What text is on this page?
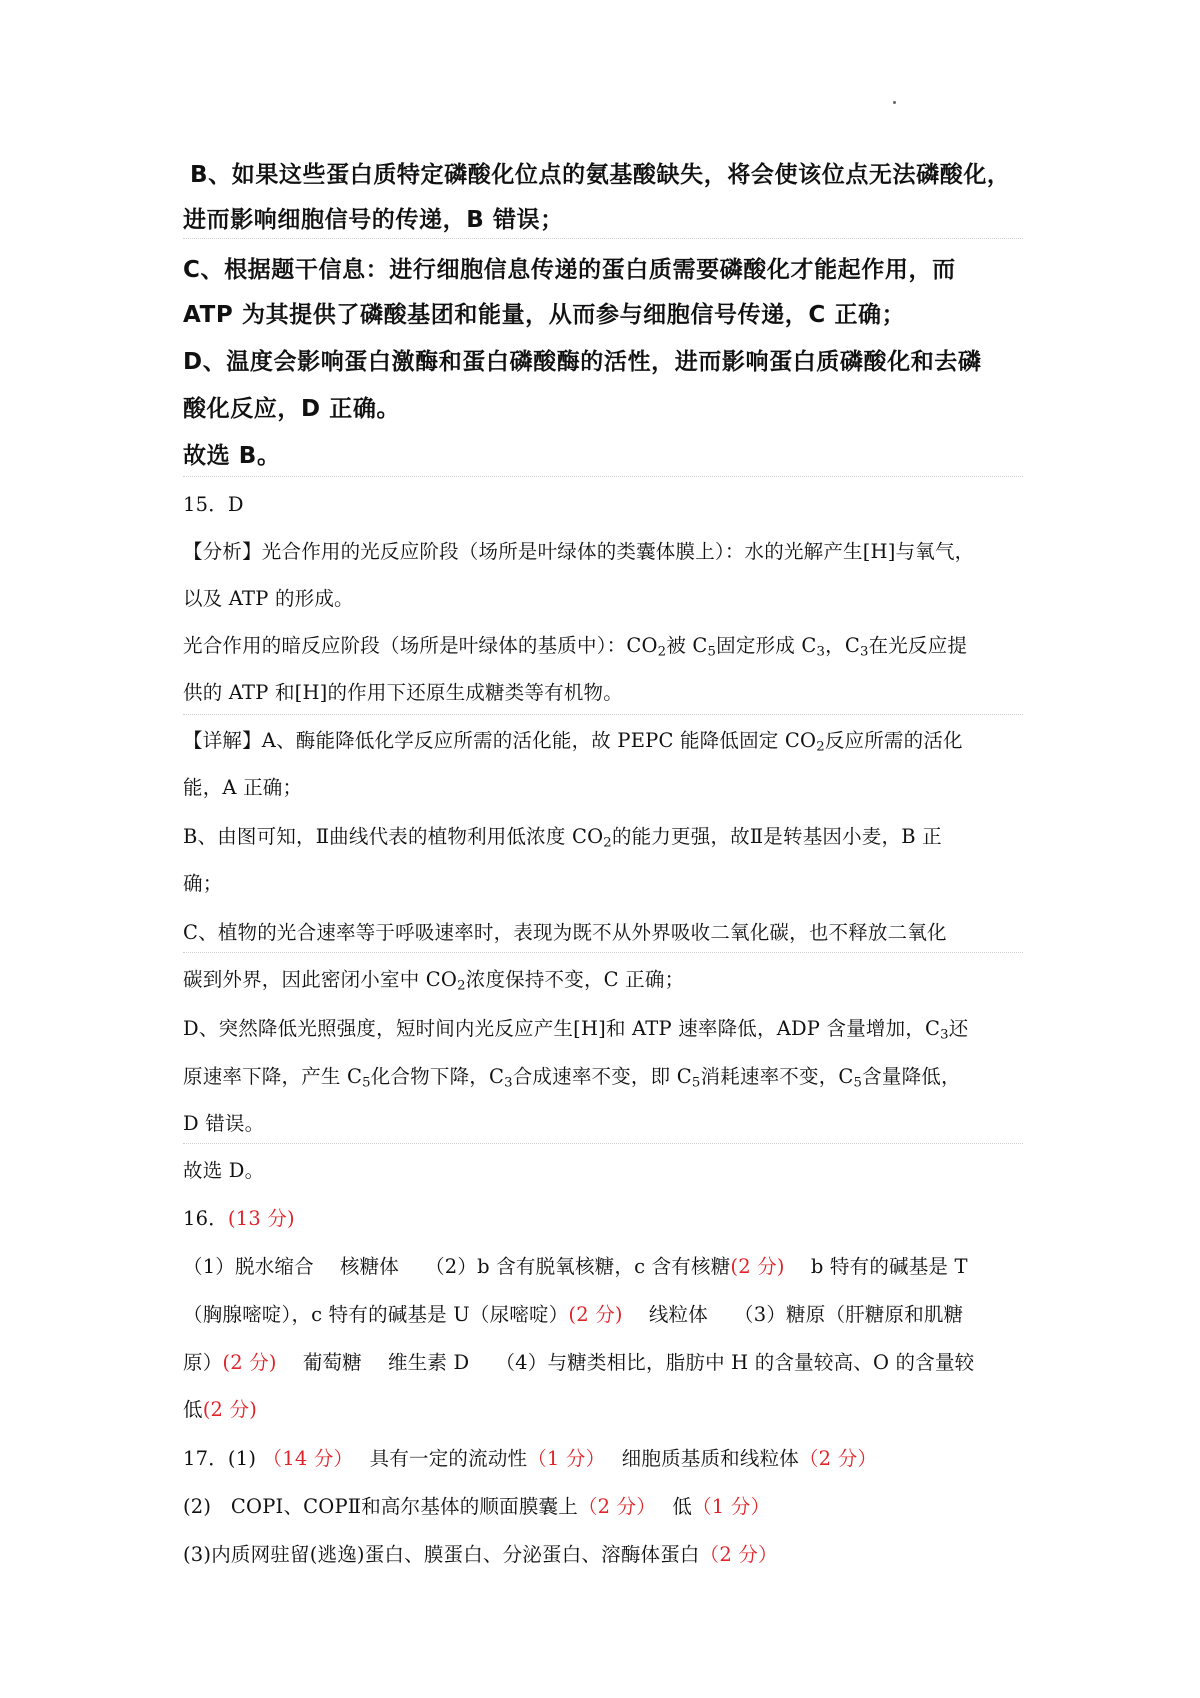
B、如果这些蛋白质特定磷酸化位点的氨基酸缺失，将会使该位点无法磷酸化，
进而影响细胞信号的传递，B 错误；
C、根据题干信息：进行细胞信息传递的蛋白质需要磷酸化才能起作用，而
ATP 为其提供了磷酸基团和能量，从而参与细胞信号传递，C 正确；
D、温度会影响蛋白激酶和蛋白磷酸酶的活性，进而影响蛋白质磷酸化和去磷
酸化反应，D 正确。
故选 B。
15．D
【分析】光合作用的光反应阶段（场所是叶绿体的类囊体膜上）：水的光解产生[H]与氧气，
以及 ATP 的形成。
光合作用的暗反应阶段（场所是叶绿体的基质中）：$CO_2$被 $C_5$固定形成 $C_3$，$C_3$在光反应提
供的 ATP 和[H]的作用下还原生成糖类等有机物。
【详解】A、酶能降低化学反应所需的活化能，故 PEPC 能降低固定 $CO_2$反应所需的活化
能，A 正确；
B、由图可知，Ⅱ曲线代表的植物利用低浓度 $CO_2$的能力更强，故Ⅱ是转基因小麦，B 正
确；
C、植物的光合速率等于呼吸速率时，表现为既不从外界吸收二氧化碳，也不释放二氧化
碳到外界，因此密闭小室中 $CO_2$浓度保持不变，C 正确；
D、突然降低光照强度，短时间内光反应产生[H]和 ATP 速率降低，ADP 含量增加，$C_3$还
原速率下降，产生 $C_5$化合物下降，$C_3$合成速率不变，即 $C_5$消耗速率不变，$C_5$含量降低，
D 错误。
故选 D。
16．(13 分)
（1）脱水缩合　 核糖体　 （2）b 含有脱氧核糖，c 含有核糖(2 分)　 b 特有的碱基是 T
（胸腺嘧啶），c 特有的碱基是 U（尿嘧啶）(2 分)　 线粒体　 （3）糖原（肝糖原和肌糖
原）(2 分)　 葡萄糖　 维生素 D　 （4）与糖类相比，脂肪中 H 的含量较高、O 的含量较
低(2 分)
17．(1) （14 分）　 具有一定的流动性（1 分）　 细胞质基质和线粒体（2 分）
(2)　COPⅠ、COPⅡ和高尔基体的顺面膜囊上（2 分）　 低（1 分）
(3)内质网驻留(逃逸)蛋白、膜蛋白、分泌蛋白、溶酶体蛋白（2 分）
